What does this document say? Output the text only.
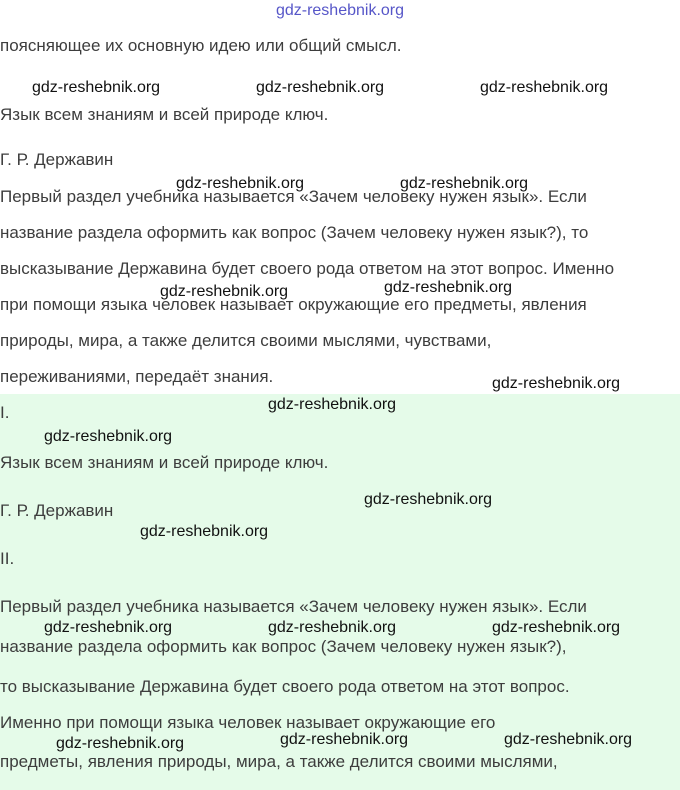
gdz-reshebnik.org

поясняющее их основную идею или общий смысл.

Язык всем знаниям и всей природе ключ.

Г. Р. Державин

Первый раздел учебника называется «Зачем человеку нужен язык». Если

название раздела оформить как вопрос (Зачем человеку нужен язык?), то

высказывание Державина будет своего рода ответом на этот вопрос. Именно

при помощи языка человек называет окружающие его предметы, явления

природы, мира, а также делится своими мыслями, чувствами,

переживаниями, передаёт знания.

I.

Язык всем знаниям и всей природе ключ.

Г. Р. Державин

II.

Первый раздел учебника называется «Зачем человеку нужен язык». Если

название раздела оформить как вопрос (Зачем человеку нужен язык?),

то высказывание Державина будет своего рода ответом на этот вопрос.

Именно при помощи языка человек называет окружающие его

предметы, явления природы, мира, а также делится своими мыслями,

gdz-reshebnik.org	gdz-reshebnik.org	gdz-reshebnik.org
gdz-reshebnik.org	gdz-reshebnik.org
gdz-reshebnik.org	gdz-reshebnik.org
gdz-reshebnik.org
gdz-reshebnik.org
gdz-reshebnik.org
gdz-reshebnik.org
gdz-reshebnik.org
gdz-reshebnik.org	gdz-reshebnik.org	gdz-reshebnik.org
gdz-reshebnik.org	gdz-reshebnik.org	gdz-reshebnik.org
